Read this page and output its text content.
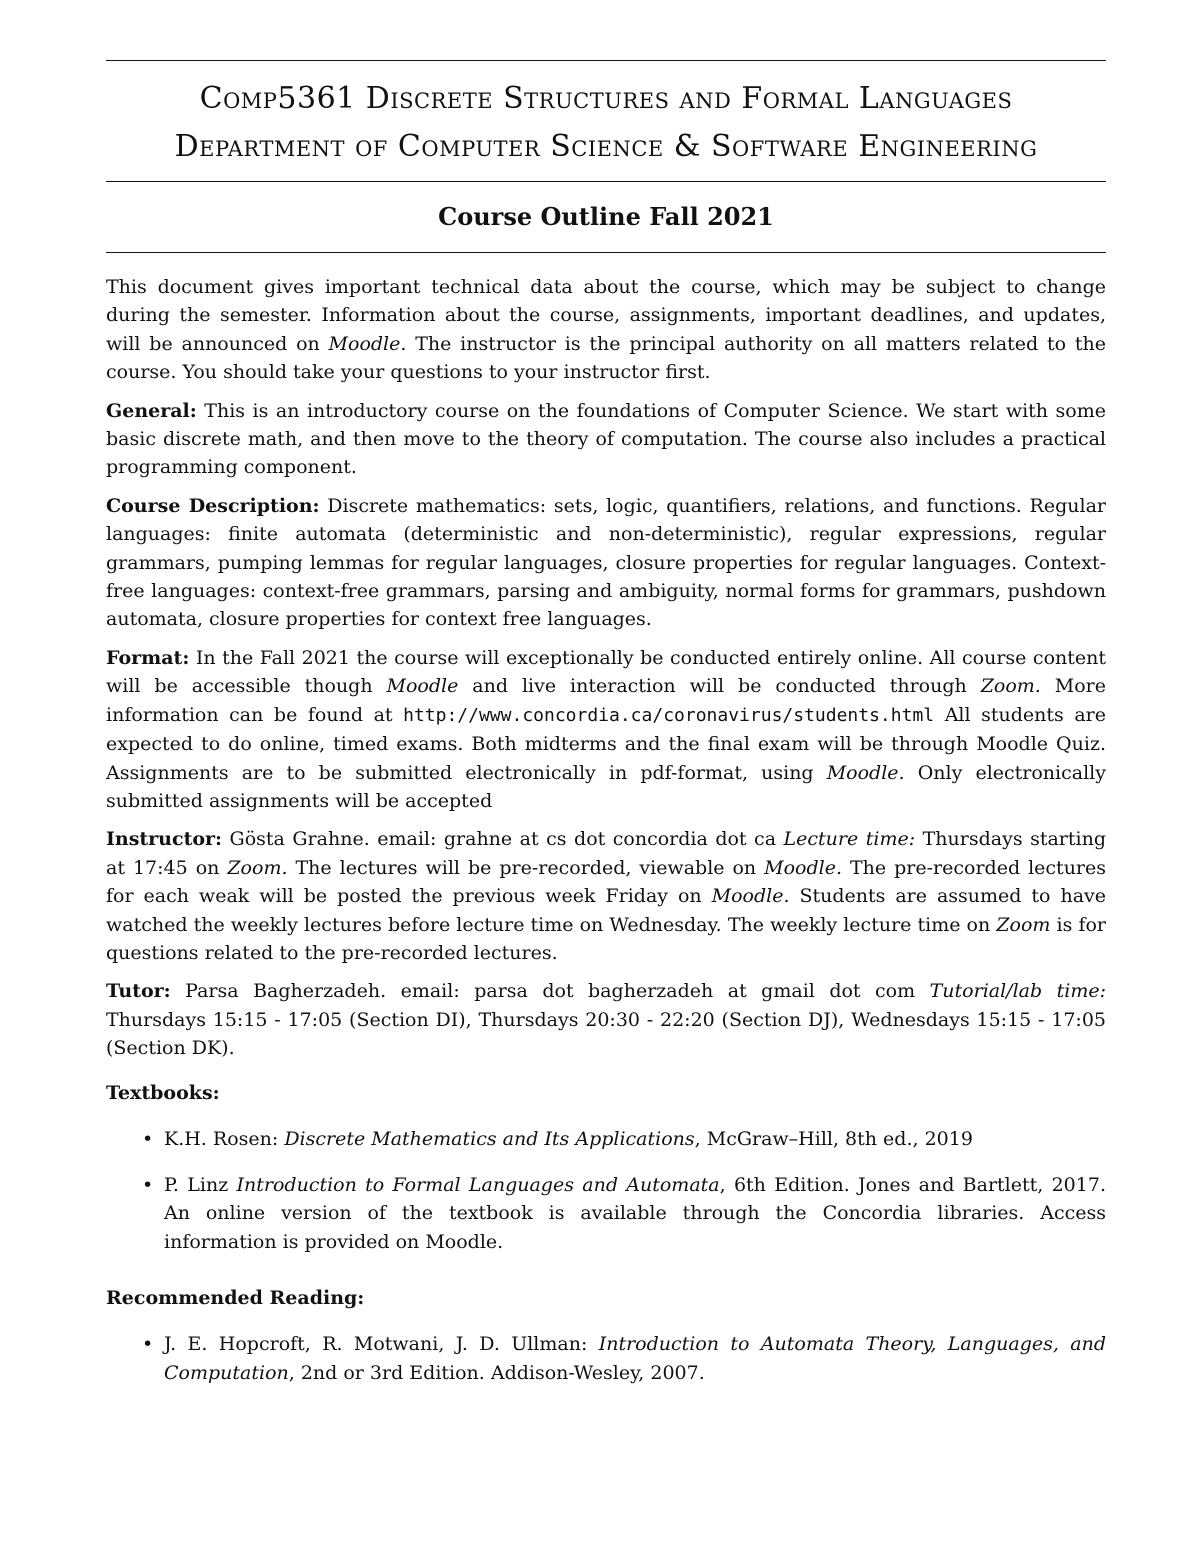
Comp5361 Discrete Structures and Formal Languages
Department of Computer Science & Software Engineering
Course Outline Fall 2021

This document gives important technical data about the course, which may be subject to change during the semester. Information about the course, assignments, important deadlines, and updates, will be announced on Moodle. The instructor is the principal authority on all matters related to the course. You should take your questions to your instructor first.

General: This is an introductory course on the foundations of Computer Science. We start with some basic discrete math, and then move to the theory of computation. The course also includes a practical programming component.

Course Description: Discrete mathematics: sets, logic, quantifiers, relations, and functions. Regular languages: finite automata (deterministic and non-deterministic), regular expressions, regular grammars, pumping lemmas for regular languages, closure properties for regular languages. Context-free languages: context-free grammars, parsing and ambiguity, normal forms for grammars, pushdown automata, closure properties for context free languages.

Format: In the Fall 2021 the course will exceptionally be conducted entirely online. All course content will be accessible though Moodle and live interaction will be conducted through Zoom. More information can be found at http://www.concordia.ca/coronavirus/students.html All students are expected to do online, timed exams. Both midterms and the final exam will be through Moodle Quiz. Assignments are to be submitted electronically in pdf-format, using Moodle. Only electronically submitted assignments will be accepted

Instructor: Gösta Grahne. email: grahne at cs dot concordia dot ca Lecture time: Thursdays starting at 17:45 on Zoom. The lectures will be pre-recorded, viewable on Moodle. The pre-recorded lectures for each weak will be posted the previous week Friday on Moodle. Students are assumed to have watched the weekly lectures before lecture time on Wednesday. The weekly lecture time on Zoom is for questions related to the pre-recorded lectures.

Tutor: Parsa Bagherzadeh. email: parsa dot bagherzadeh at gmail dot com Tutorial/lab time: Thursdays 15:15 - 17:05 (Section DI), Thursdays 20:30 - 22:20 (Section DJ), Wednesdays 15:15 - 17:05 (Section DK).

Textbooks:
• K.H. Rosen: Discrete Mathematics and Its Applications, McGraw–Hill, 8th ed., 2019
• P. Linz Introduction to Formal Languages and Automata, 6th Edition. Jones and Bartlett, 2017. An online version of the textbook is available through the Concordia libraries. Access information is provided on Moodle.
Recommended Reading:
• J. E. Hopcroft, R. Motwani, J. D. Ullman: Introduction to Automata Theory, Languages, and Computation, 2nd or 3rd Edition. Addison-Wesley, 2007.
